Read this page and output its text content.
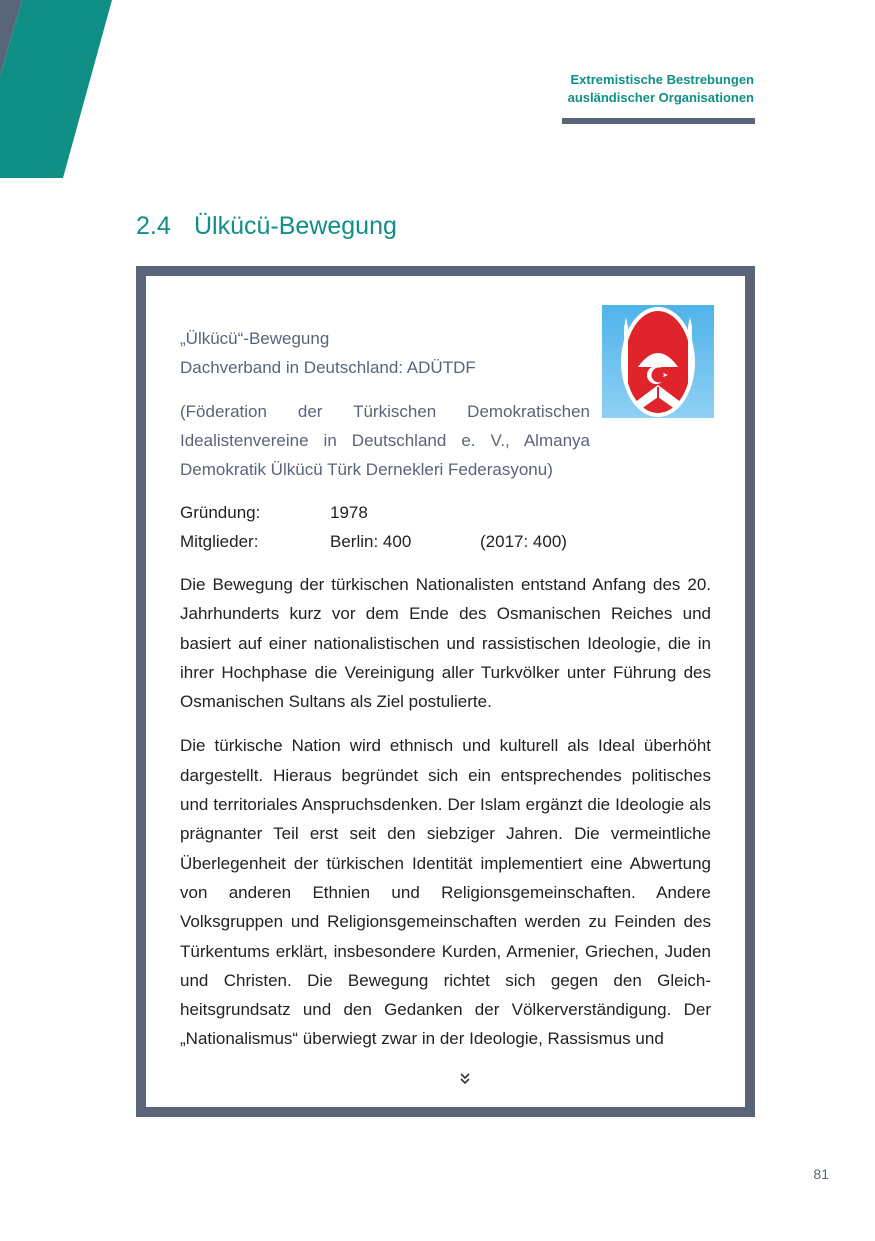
Extremistische Bestrebungen
ausländischer Organisationen
2.4 Ülkücü-Bewegung

„Ülkücü“-Bewegung

Dachverband in Deutschland: ADÜTDF

(Föderation der Türkischen Demokratischen Idealistenvereine in Deutschland e. V., Almanya Demokratik Ülkücü Türk Dernekleri Federasyonu)

Gründung:	1978
Mitglieder:	Berlin: 400	(2017: 400)

Die Bewegung der türkischen Nationalisten entstand Anfang des 20. Jahrhunderts kurz vor dem Ende des Osmanischen Reiches und basiert auf einer nationalistischen und rassistischen Ideologie, die in ihrer Hochphase die Vereinigung aller Turkvölker unter Führung des Osmanischen Sultans als Ziel postulierte.

Die türkische Nation wird ethnisch und kulturell als Ideal überhöht dargestellt. Hieraus begründet sich ein entsprechendes politisches und territoriales Anspruchsdenken. Der Islam ergänzt die Ideologie als prägnanter Teil erst seit den siebziger Jahren. Die vermeintliche Überlegenheit der türkischen Identität implementiert eine Abwertung von anderen Ethnien und Religionsgemeinschaften. Andere Volksgruppen und Religionsgemeinschaften werden zu Feinden des Türkentums erklärt, insbesondere Kurden, Armenier, Griechen, Juden und Christen. Die Bewegung richtet sich gegen den Gleichheitsgrundsatz und den Gedanken der Völkerverständigung. Der „Nationalismus“ überwiegt zwar in der Ideologie, Rassismus und

81
